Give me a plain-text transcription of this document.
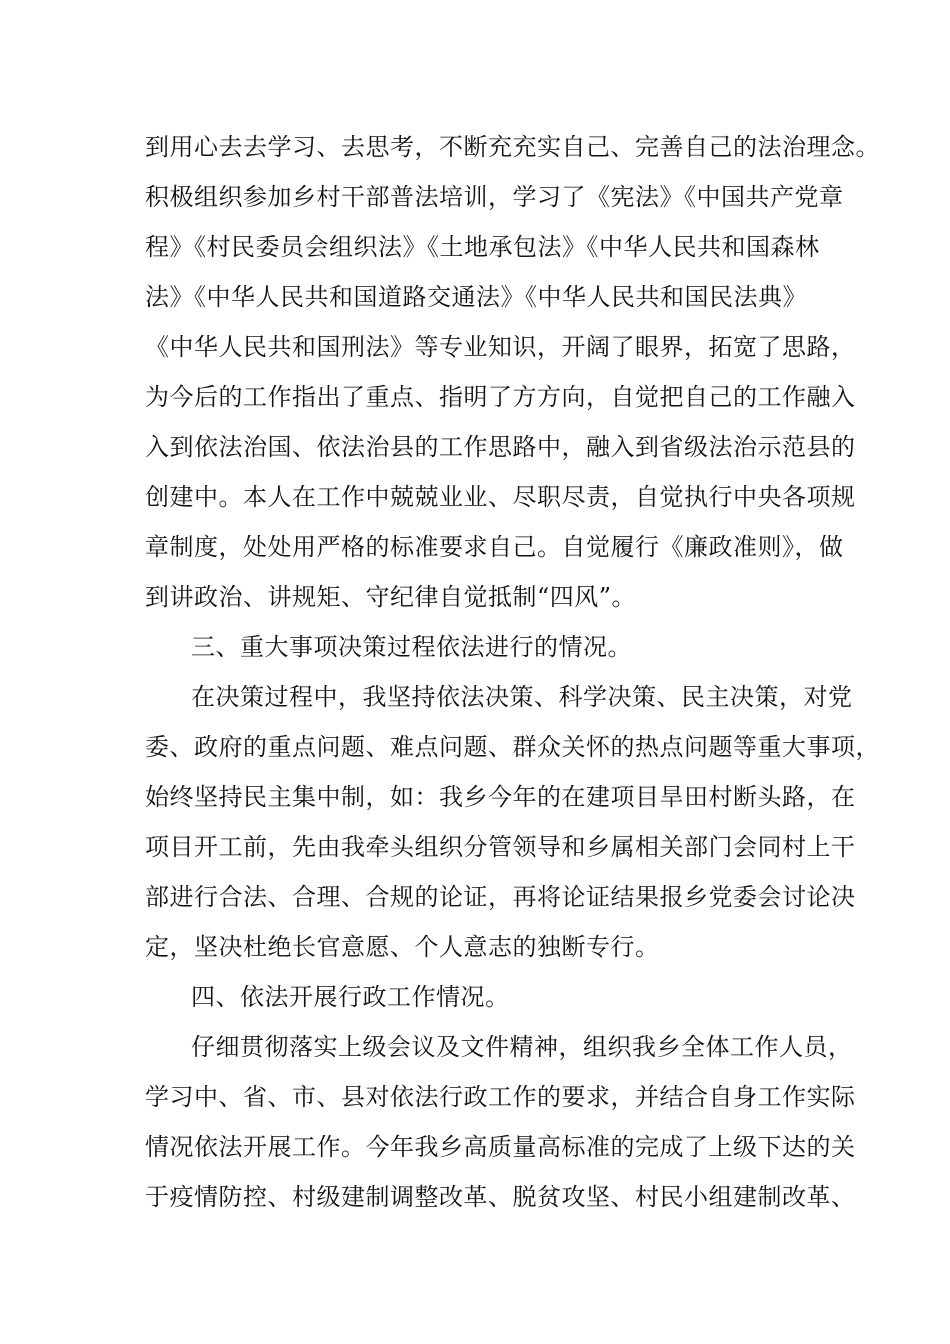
到用心去去学习、去思考，不断充充实自己、完善自己的法治理念。
积极组织参加乡村干部普法培训，学习了《宪法》《中国共产党章
程》《村民委员会组织法》《土地承包法》《中华人民共和国森林
法》《中华人民共和国道路交通法》《中华人民共和国民法典》
《中华人民共和国刑法》等专业知识，开阔了眼界，拓宽了思路，
为今后的工作指出了重点、指明了方方向，自觉把自己的工作融入
入到依法治国、依法治县的工作思路中，融入到省级法治示范县的
创建中。本人在工作中兢兢业业、尽职尽责，自觉执行中央各项规
章制度，处处用严格的标准要求自己。自觉履行《廉政准则》，做
到讲政治、讲规矩、守纪律自觉抵制“四风”。
三、重大事项决策过程依法进行的情况。
在决策过程中，我坚持依法决策、科学决策、民主决策，对党
委、政府的重点问题、难点问题、群众关怀的热点问题等重大事项，
始终坚持民主集中制，如：我乡今年的在建项目旱田村断头路，在
项目开工前，先由我牵头组织分管领导和乡属相关部门会同村上干
部进行合法、合理、合规的论证，再将论证结果报乡党委会讨论决
定，坚决杜绝长官意愿、个人意志的独断专行。
四、依法开展行政工作情况。
仔细贯彻落实上级会议及文件精神，组织我乡全体工作人员，
学习中、省、市、县对依法行政工作的要求，并结合自身工作实际
情况依法开展工作。今年我乡高质量高标准的完成了上级下达的关
于疫情防控、村级建制调整改革、脱贫攻坚、村民小组建制改革、
